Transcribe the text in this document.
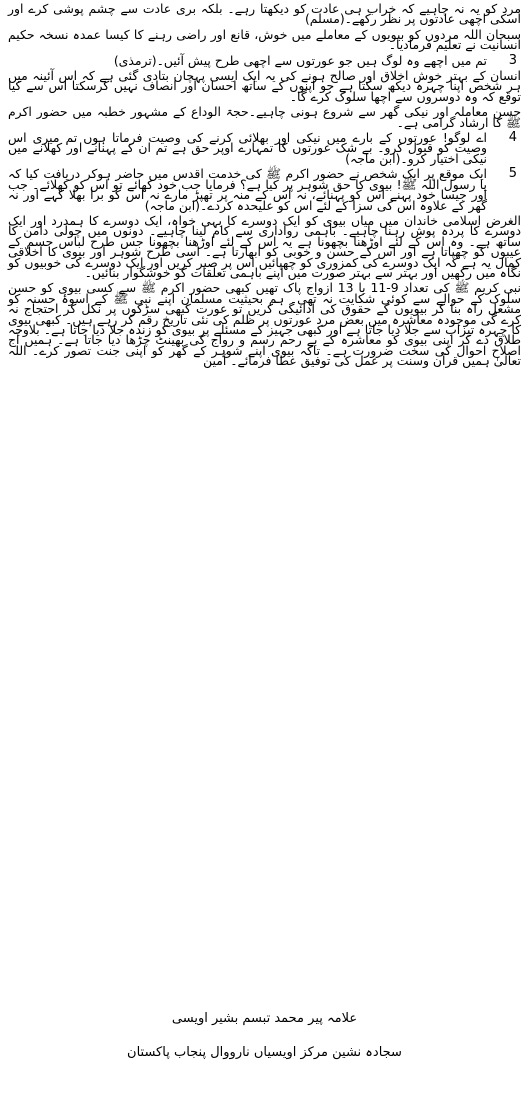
مرد کو یہ نہ چاہیے کہ خراب ہی عادت کو دیکھتا رہے۔ بلکہ بری عادت سے چشم پوشی کرے اور اسکی اچھی عادتوں پر نظر رکھے۔(مسلم)

سبحان اللہ مردوں کو بیویوں کے معاملے میں خوش، قانع اور راضی رہنے کا کیسا عمدہ نسخہ حکیم انسانیت نے تعلیم فرمادیا۔

3
تم میں اچھے وہ لوگ ہیں جو عورتوں سے اچھی طرح پیش آئیں۔(ترمذی)

انسان کے بہتر خوش اخلاق اور صالح ہونے کی یہ ایک ایسی پہچان بتادی گئی ہے کہ اس آئینہ میں ہر شخص اپنا چہرہ دیکھ سکتا ہے جو اپنوں کے ساتھ احسان اور انصاف نہیں کرسکتا اس سے کیا توقع کہ وہ دوسروں سے اچھا سلوک کرے گا۔

حسن معاملہ اور نیکی گھر سے شروع ہونی چاہیے۔حجۃ الوداع کے مشہور خطبہ میں حضور اکرم ﷺ کا ارشاد گرامی ہے۔

4
اے لوگو! عورتوں کے بارے میں نیکی اور بھلائی کرنے کی وصیت فرماتا ہوں تم میری اس وصیت کو قبول کرو۔ بے شک عورتوں کا تمہارے اوپر حق ہے تم ان کے پہنانے اور کھلانے میں نیکی اختیار کرو۔(ابن ماجہ)

5
ایک موقع پر ایک شخص نے حضور اکرم ﷺ کی خدمت اقدس میں حاضر ہوکر دریافت کیا کہ یا رسول اللہ ﷺ! بیوی کا حق شوہر پر کیا ہے؟ فرمایا جب خود کھائے تو اس کو کھلائے۔ جب اور جیسا خود پہنے اس کو پہنائے، نہ اس کے منہ پر تھپڑ مارے نہ اس کو برا بھلا کہے اور نہ گھر کے علاوہ اس کی سزا کے لئے اس کو علیحدہ کردے۔(ابن ماجہ)

الغرض اسلامی خاندان میں میاں بیوی کو ایک دوسرے کا بہی خواہ، ایک دوسرے کا ہمدرد اور ایک دوسرے کا پردہ پوش رہنا چاہیے۔ باہمی رواداری سے کام لینا چاہیے۔ دونوں میں چولی دامن کا ساتھ ہے۔ وہ اس کے لئے اوڑھنا بچھونا ہے یہ اس کے لئے اوڑھنا بچھونا جس طرح لباس جسم کے عیبوں کو چھپاتا ہے اور اس کے حسن و خوبی کو ابھارتا ہے۔ اسی طرح شوہر اور بیوی کا اخلاقی کمال یہ ہے کہ ایک دوسرے کی کمزوری کو چھپائیں اس پر صبر کریں اور ایک دوسرے کی خوبیوں کو نگاہ میں رکھیں اور بہتر سے بہتر صورت میں اپنے باہمی تعلقات کو خوشگوار بنائیں۔

نبی کریم ﷺ کی تعداد 9-11 یا 13 ازواج پاک تھیں کبھی حضور اکرم ﷺ سے کسی بیوی کو حسن سلوک کے حوالے سے کوئی شکایت نہ تھی۔ ہم بحیثیت مسلمان اپنے نبی ﷺ کے اسوۂ حسنہ کو مشعل راہ بنا کر بیویوں کے حقوق کی ادائیگی کریں تو عورت کبھی سڑکوں پر نکل کر احتجاج نہ کرے گی موجودہ معاشرہ میں بعض مرد عورتوں پر ظلم کی نئی تاریخ رقم کر رہے ہیں۔ کبھی بیوی کا چہرہ تیزاب سے جلا دیا جاتا ہے اور کبھی جہیز کے مسئلے پر بیوی کو زندہ جلا دیا جاتا ہے۔ بلاوجہ طلاق دے کر اپنی بیوی کو معاشرہ کے بے رحم رسم و رواج کی بھینٹ چڑھا دیا جاتا ہے۔ ہمیں آج اصلاح احوال کی سخت ضرورت ہے۔ تاکہ بیوی اپنے شوہر کے گھر کو اپنی جنت تصور کرے۔ اللہ تعالیٰ ہمیں قرآن وسنت پر عمل کی توفیق عطا فرمائے۔ آمین

علامہ پیر محمد تبسم بشیر اویسی
سجادہ نشین مرکز اویسیاں نارووال پنجاب پاکستان
